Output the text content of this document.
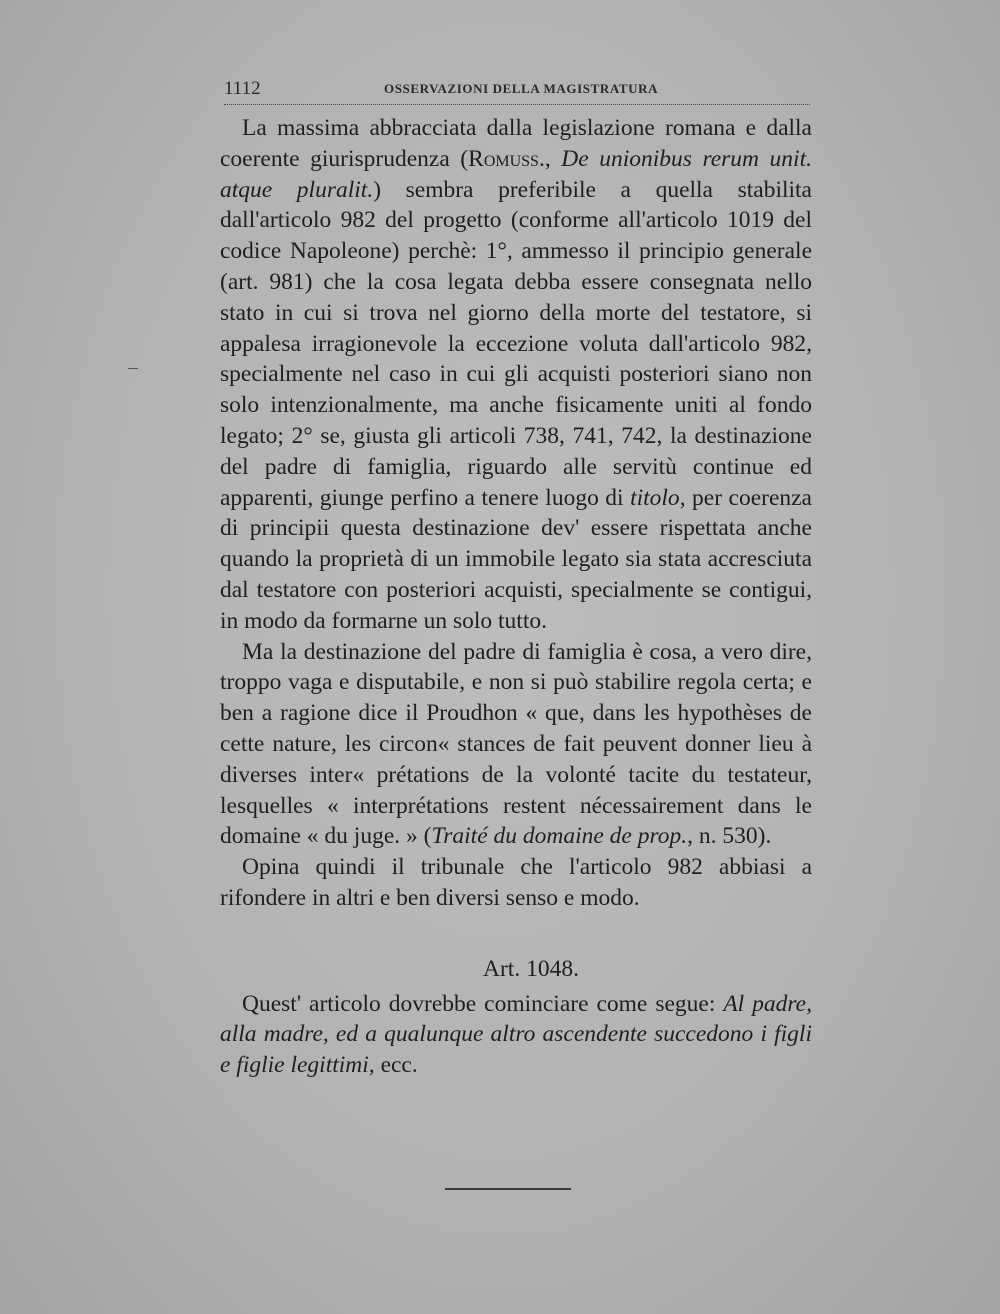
1112	OSSERVAZIONI DELLA MAGISTRATURA

La massima abbracciata dalla legislazione romana e dalla coerente giurisprudenza (Romuss., De unionibus rerum unit. atque pluralit.) sembra preferibile a quella stabilita dall'articolo 982 del progetto (conforme all'articolo 1019 del codice Napoleone) perchè: 1°, ammesso il principio generale (art. 981) che la cosa legata debba essere consegnata nello stato in cui si trova nel giorno della morte del testatore, si appalesa irragionevole la eccezione voluta dall'articolo 982, specialmente nel caso in cui gli acquisti posteriori siano non solo intenzionalmente, ma anche fisicamente uniti al fondo legato; 2° se, giusta gli articoli 738, 741, 742, la destinazione del padre di famiglia, riguardo alle servitù continue ed apparenti, giunge perfino a tenere luogo di titolo, per coerenza di principii questa destinazione dev' essere rispettata anche quando la proprietà di un immobile legato sia stata accresciuta dal testatore con posteriori acquisti, specialmente se contigui, in modo da formarne un solo tutto.

Ma la destinazione del padre di famiglia è cosa, a vero dire, troppo vaga e disputabile, e non si può stabilire regola certa; e ben a ragione dice il Proudhon « que, dans les hypothèses de cette nature, les circon« stances de fait peuvent donner lieu à diverses inter« prétations de la volonté tacite du testateur, lesquelles « interprétations restent nécessairement dans le domaine « du juge. » (Traité du domaine de prop., n. 530).

Opina quindi il tribunale che l'articolo 982 abbiasi a rifondere in altri e ben diversi senso e modo.

Art. 1048.

Quest' articolo dovrebbe cominciare come segue: Al padre, alla madre, ed a qualunque altro ascendente succedono i figli e figlie legittimi, ecc.
